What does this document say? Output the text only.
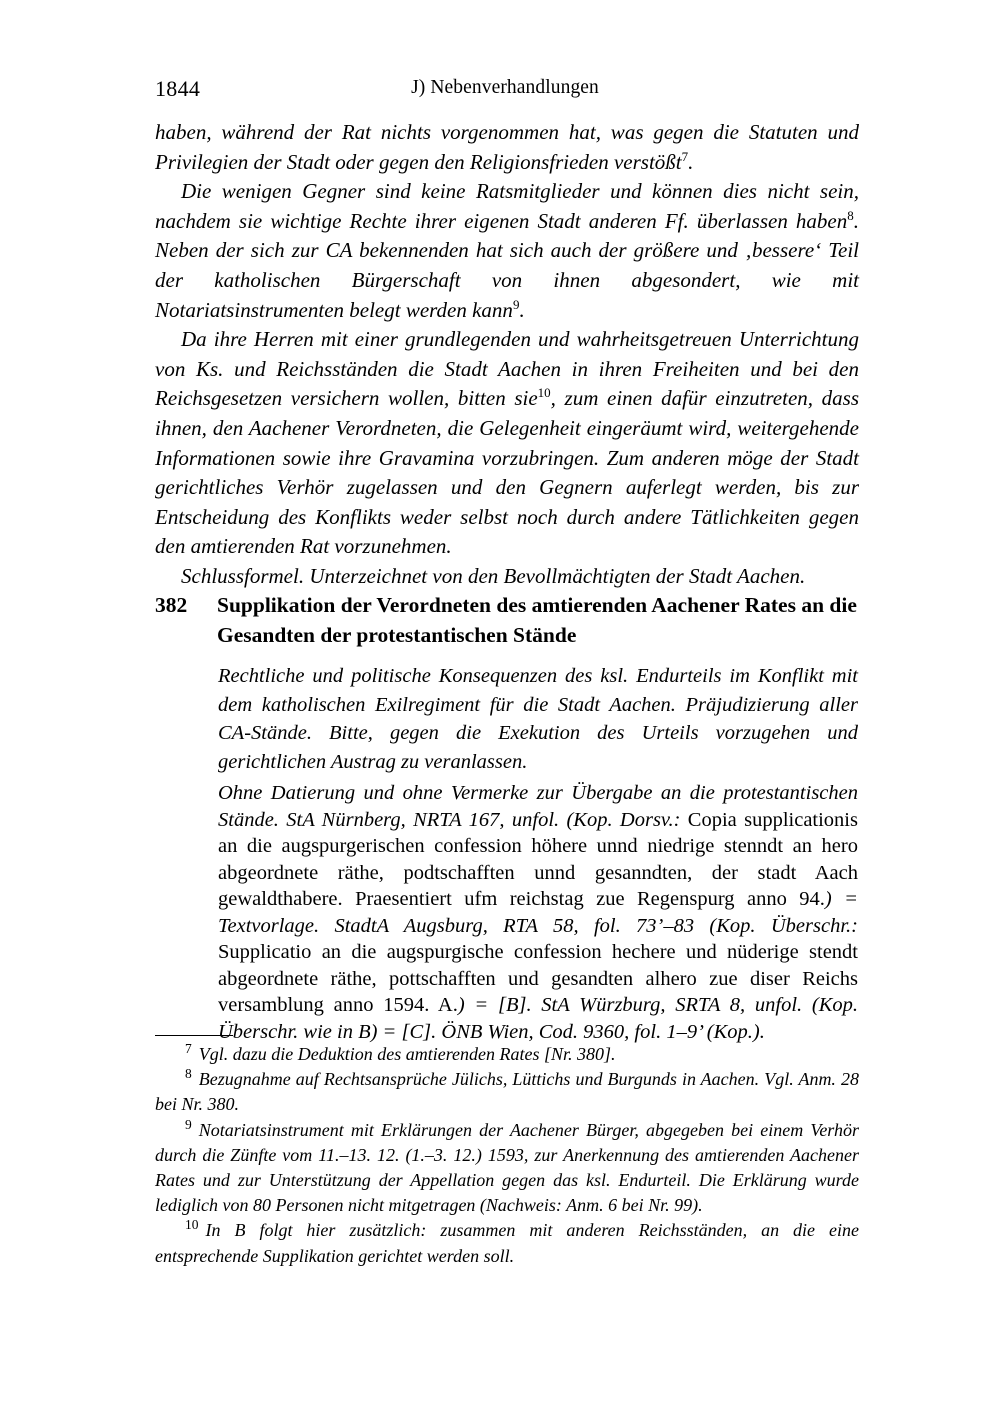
1844	J) Nebenverhandlungen

haben, während der Rat nichts vorgenommen hat, was gegen die Statuten und Privilegien der Stadt oder gegen den Religionsfrieden verstößt$^7$.

Die wenigen Gegner sind keine Ratsmitglieder und können dies nicht sein, nachdem sie wichtige Rechte ihrer eigenen Stadt anderen Ff. überlassen haben$^8$. Neben der sich zur CA bekennenden hat sich auch der größere und ‚bessere‘ Teil der katholischen Bürgerschaft von ihnen abgesondert, wie mit Notariatsinstrumenten belegt werden kann$^9$.

Da ihre Herren mit einer grundlegenden und wahrheitsgetreuen Unterrichtung von Ks. und Reichsständen die Stadt Aachen in ihren Freiheiten und bei den Reichsgesetzen versichern wollen, bitten sie$^{10}$, zum einen dafür einzutreten, dass ihnen, den Aachener Verordneten, die Gelegenheit eingeräumt wird, weitergehende Informationen sowie ihre Gravamina vorzubringen. Zum anderen möge der Stadt gerichtliches Verhör zugelassen und den Gegnern auferlegt werden, bis zur Entscheidung des Konflikts weder selbst noch durch andere Tätlichkeiten gegen den amtierenden Rat vorzunehmen.

Schlussformel. Unterzeichnet von den Bevollmächtigten der Stadt Aachen.

382	Supplikation der Verordneten des amtierenden Aachener Rates an die Gesandten der protestantischen Stände

Rechtliche und politische Konsequenzen des ksl. Endurteils im Konflikt mit dem katholischen Exilregiment für die Stadt Aachen. Präjudizierung aller CA-Stände. Bitte, gegen die Exekution des Urteils vorzugehen und gerichtlichen Austrag zu veranlassen.

Ohne Datierung und ohne Vermerke zur Übergabe an die protestantischen Stände. StA Nürnberg, NRTA 167, unfol. (Kop. Dorsv.: Copia supplicationis an die augspurgerischen confession höhere unnd niedrige stenndt an hero abgeordnete räthe, podtschafften unnd gesanndten, der stadt Aach gewaldthabere. Praesentiert ufm reichstag zue Regenspurg anno 94.) = Textvorlage. StadtA Augsburg, RTA 58, fol. 73’–83 (Kop. Überschr.: Supplicatio an die augspurgische confession hechere und nüderige stendt abgeordnete räthe, pottschafften und gesandten alhero zue diser Reichs versamblung anno 1594. A.) = [B]. StA Würzburg, SRTA 8, unfol. (Kop. Überschr. wie in B) = [C]. ÖNB Wien, Cod. 9360, fol. 1–9’ (Kop.).

$^7$ Vgl. dazu die Deduktion des amtierenden Rates [Nr. 380].

$^8$ Bezugnahme auf Rechtsansprüche Jülichs, Lüttichs und Burgunds in Aachen. Vgl. Anm. 28 bei Nr. 380.

$^9$ Notariatsinstrument mit Erklärungen der Aachener Bürger, abgegeben bei einem Verhör durch die Zünfte vom 11.–13. 12. (1.–3. 12.) 1593, zur Anerkennung des amtierenden Aachener Rates und zur Unterstützung der Appellation gegen das ksl. Endurteil. Die Erklärung wurde lediglich von 80 Personen nicht mitgetragen (Nachweis: Anm. 6 bei Nr. 99).

$^{10}$ In B folgt hier zusätzlich: zusammen mit anderen Reichsständen, an die eine entsprechende Supplikation gerichtet werden soll.
